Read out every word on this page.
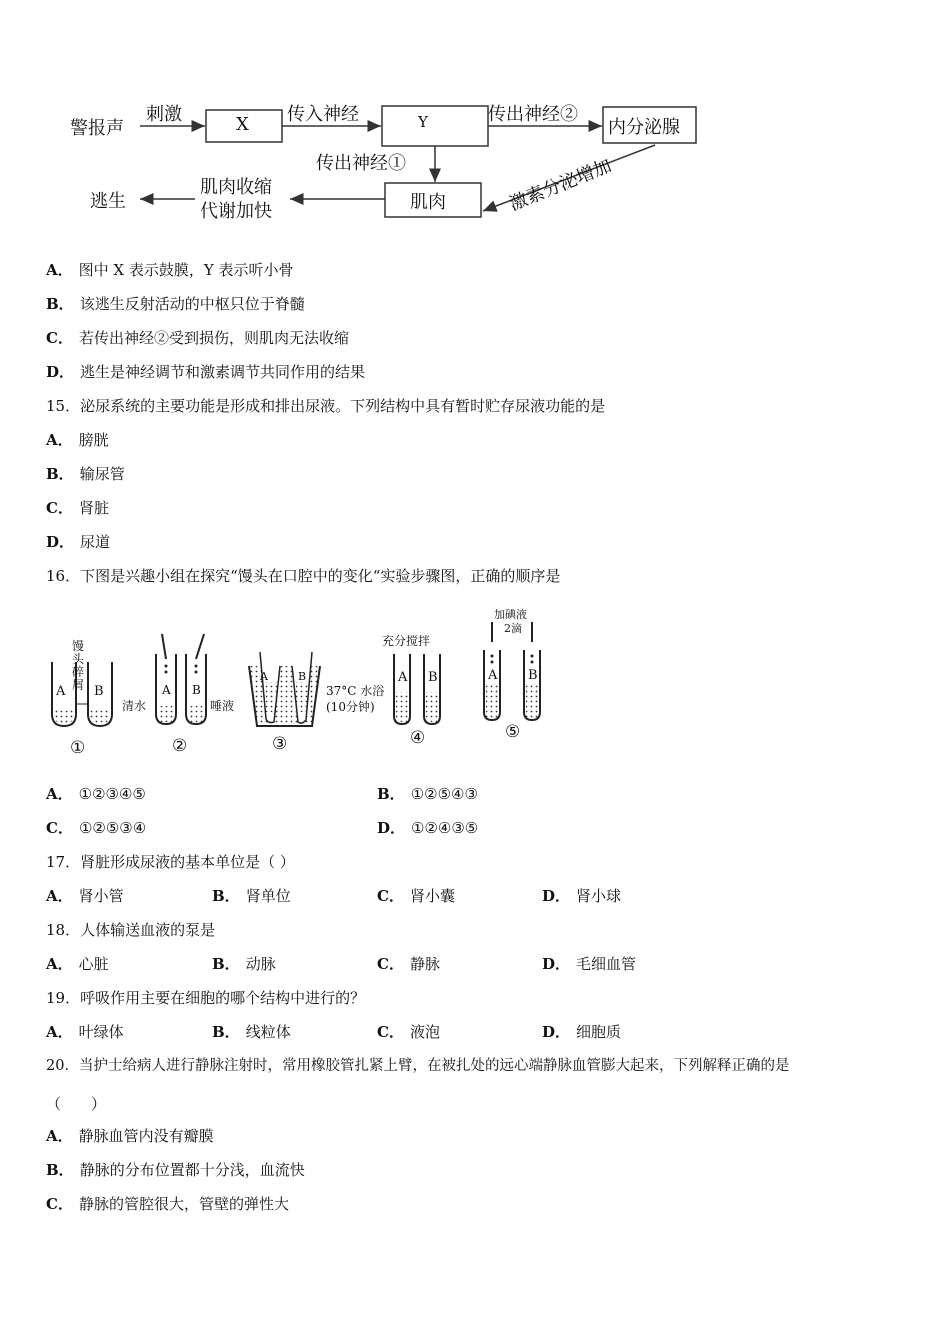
警报声
刺激	X 传入神经	Y	传出神经②
内分泌腺
传出神经①
肌肉	激素分泌增加
肌肉收缩
代谢加快
逃生
A． 图中 X 表示鼓膜，Y 表示听小骨
B． 该逃生反射活动的中枢只位于脊髓
C． 若传出神经②受到损伤，则肌肉无法收缩
D． 逃生是神经调节和激素调节共同作用的结果
15．泌尿系统的主要功能是形成和排出尿液。下列结构中具有暂时贮存尿液功能的是
A． 膀胱
B． 输尿管
C． 肾脏
D． 尿道
16．下图是兴趣小组在探究“馒头在口腔中的变化“实验步骤图，正确的顺序是
馒头碎屑
A B
清水
A B
唾液
A	B
37°C 水浴
(10分钟)
充分搅拌
A B
加碘液
2滴
A B
①	②	③	④	⑤
A． ①②③④⑤	B． ①②⑤④③
C． ①②⑤③④	D． ①②④③⑤
17．肾脏形成尿液的基本单位是（ ）
A． 肾小管	B． 肾单位	C． 肾小囊	D． 肾小球
18．人体输送血液的泵是
A． 心脏	B． 动脉	C． 静脉	D． 毛细血管
19．呼吸作用主要在细胞的哪个结构中进行的？
A． 叶绿体	B． 线粒体	C． 液泡	D． 细胞质
20．当护士给病人进行静脉注射时，常用橡胶管扎紧上臂，在被扎处的远心端静脉血管膨大起来，下列解释正确的是
（　　）
A． 静脉血管内没有瓣膜
B． 静脉的分布位置都十分浅，血流快
C． 静脉的管腔很大，管壁的弹性大
